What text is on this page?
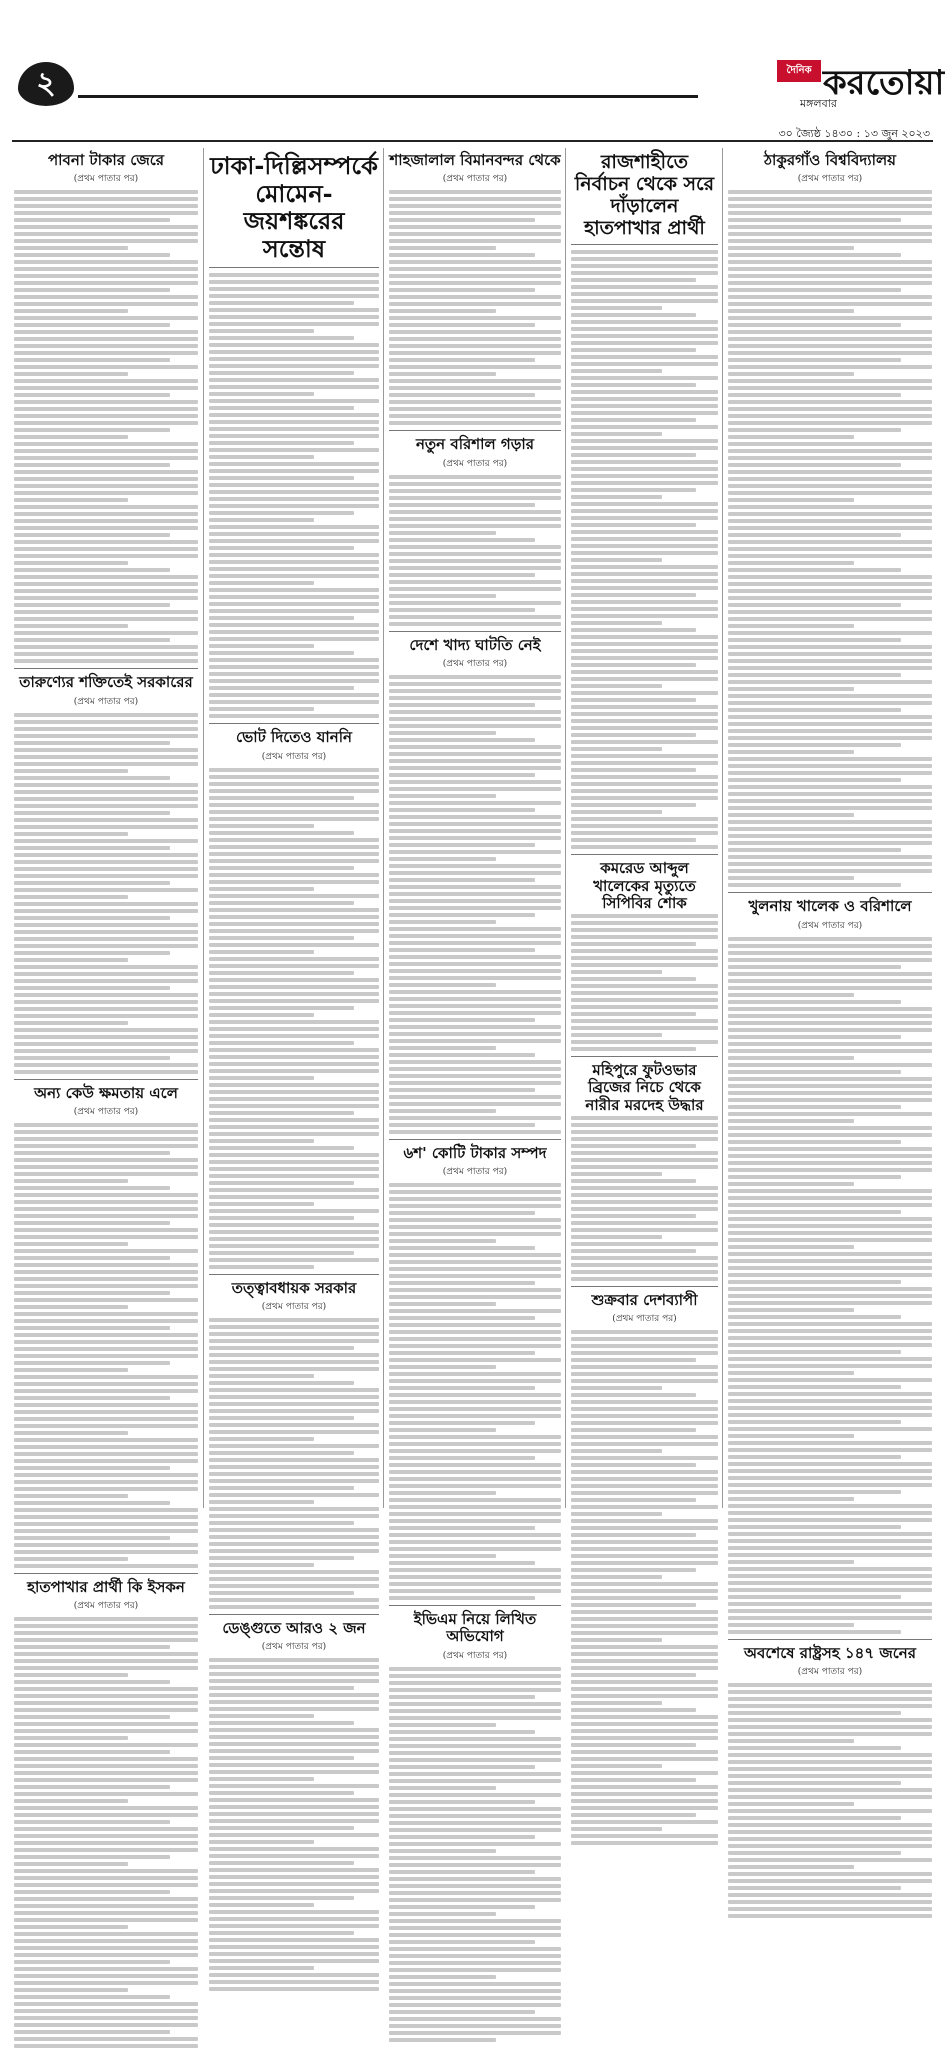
২
মঙ্গলবার
দৈনিক করতোয়া
৩০ জ্যৈষ্ঠ ১৪৩০ : ১৩ জুন ২০২৩
পাবনা টাকার জেরে
(প্রথম পাতার পর)
তারুণ্যের শক্তিতেই সরকারের
(প্রথম পাতার পর)
অন্য কেউ ক্ষমতায় এলে
(প্রথম পাতার পর)
হাতপাখার প্রার্থী কি ইসকন
(প্রথম পাতার পর)
ঢাকা-দিল্লিসম্পর্কে মোমেন-জয়শঙ্করের সন্তোষ
ভোট দিতেও যাননি
(প্রথম পাতার পর)
তত্ত্বাবধায়ক সরকার
(প্রথম পাতার পর)
ডেঙ্গুতে আরও ২ জন
(প্রথম পাতার পর)
শাহজালাল বিমানবন্দর থেকে
(প্রথম পাতার পর)
নতুন বরিশাল গড়ার
(প্রথম পাতার পর)
দেশে খাদ্য ঘাটতি নেই
(প্রথম পাতার পর)
৬শ' কোটি টাকার সম্পদ
(প্রথম পাতার পর)
ইভিএম নিয়ে লিখিত অভিযোগ
(প্রথম পাতার পর)
রাজশাহীতে নির্বাচন থেকে সরে দাঁড়ালেন হাতপাখার প্রার্থী
কমরেড আব্দুল খালেকের মৃত্যুতে সিপিবির শোক
মহিপুরে ফুটওভার ব্রিজের নিচে থেকে নারীর মরদেহ উদ্ধার
শুক্রবার দেশব্যাপী
(প্রথম পাতার পর)
ঠাকুরগাঁও বিশ্ববিদ্যালয়
(প্রথম পাতার পর)
খুলনায় খালেক ও বরিশালে
(প্রথম পাতার পর)
অবশেষে রাষ্ট্রসহ ১৪৭ জনের
(প্রথম পাতার পর)
